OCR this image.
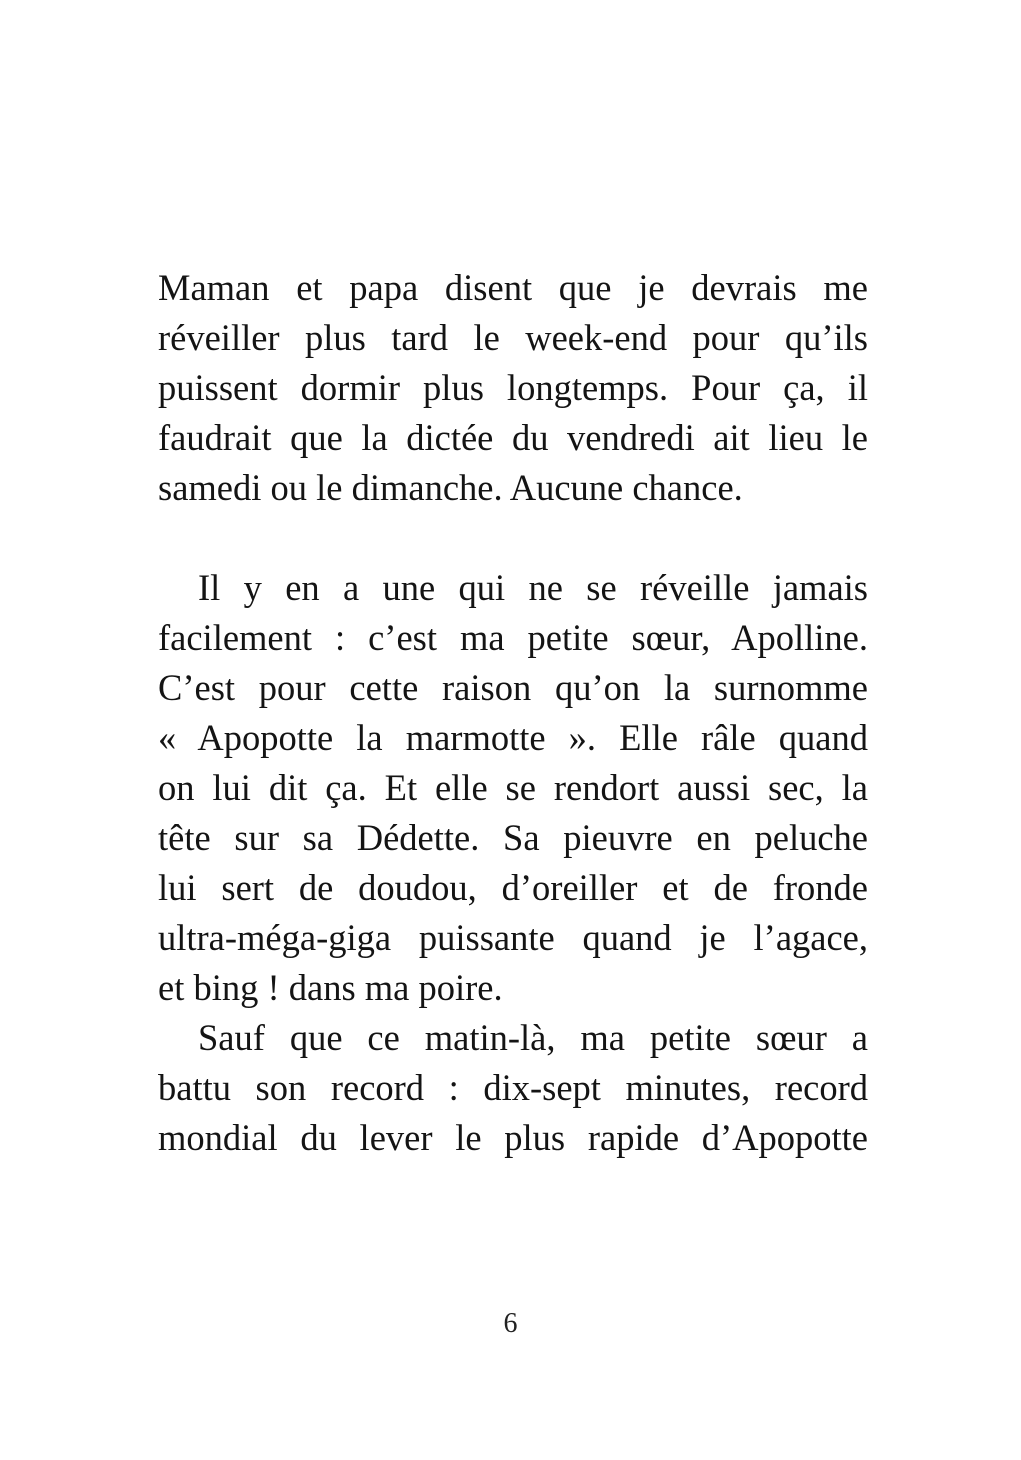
Maman et papa disent que je devrais me
réveiller plus tard le week-end pour qu’ils
puissent dormir plus longtemps. Pour ça, il
faudrait que la dictée du vendredi ait lieu le
samedi ou le dimanche. Aucune chance.
Il y en a une qui ne se réveille jamais
facilement : c’est ma petite sœur, Apolline.
C’est pour cette raison qu’on la surnomme
« Apopotte la marmotte ». Elle râle quand
on lui dit ça. Et elle se rendort aussi sec, la
tête sur sa Dédette. Sa pieuvre en peluche
lui sert de doudou, d’oreiller et de fronde
ultra-méga-giga puissante quand je l’agace,
et bing ! dans ma poire.
Sauf que ce matin-là, ma petite sœur a
battu son record : dix-sept minutes, record
mondial du lever le plus rapide d’Apopotte
6
